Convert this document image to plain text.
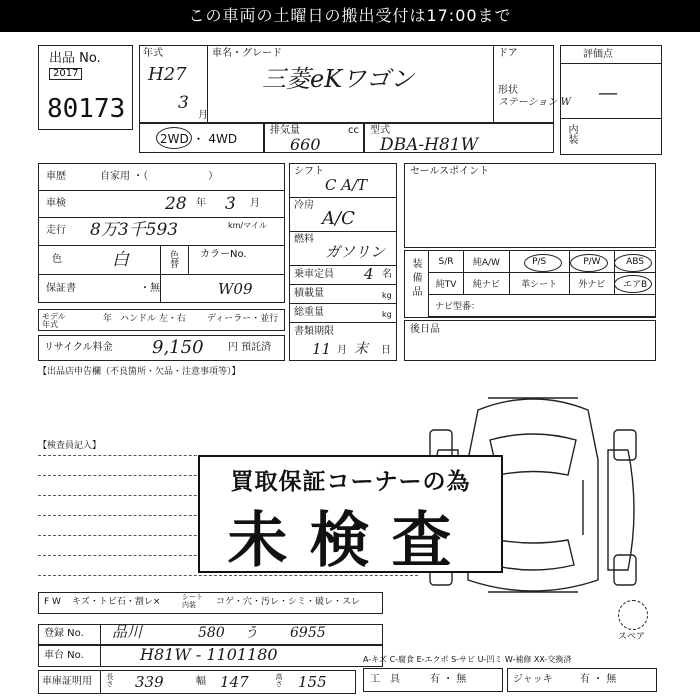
この車両の土曜日の搬出受付は17:00まで
出品 No.
2017
80173
年式
H27
3
月
車名・グレード
三菱eKワゴン
ドア
形状
ステーション W
2WD ・ 4WD
排気量	cc
660
型式
DBA-H81W
評価点
—
内装
車歴	自家用 ・（　　　　　　）
車検	28 年 3 月
走行 8万3千593	km/マイル
色	白	色替 カラーNo.
保証書	・無	W09
モデル年式
年 ハンドル 左・右 ディーラー・並行
リサイクル料金 9,150 円 預託済
シフト
C A/T
冷房
A/C
燃料
ガソリン
乗車定員 4 名
積載量	kg
総重量	kg
書類期限
11 月 末 日
セールスポイント
装備品 S/R	純A/W	P/S	P/W	ABS
純TV	純ナビ	革シート	外ナビ	エアB
ナビ型番：				
後日品
【出品店申告欄（不良箇所・欠品・注意事項等）】
【検査員記入】
買取保証コーナーの為
未検査
F W キズ・トビ石・割レ×	シート内装	コゲ・穴・汚レ・シミ・破レ・スレ
登録 No. 品川	580 う 6955
車台 No.	H81W - 1101180
車庫証明用 長さ 339	幅 147	高さ 155
スペア
A-キズ C-腐食 E-エクボ S-サビ U-凹ミ W-補修 XX-交換済
工　具	有 ・ 無	ジャッキ	有 ・ 無
